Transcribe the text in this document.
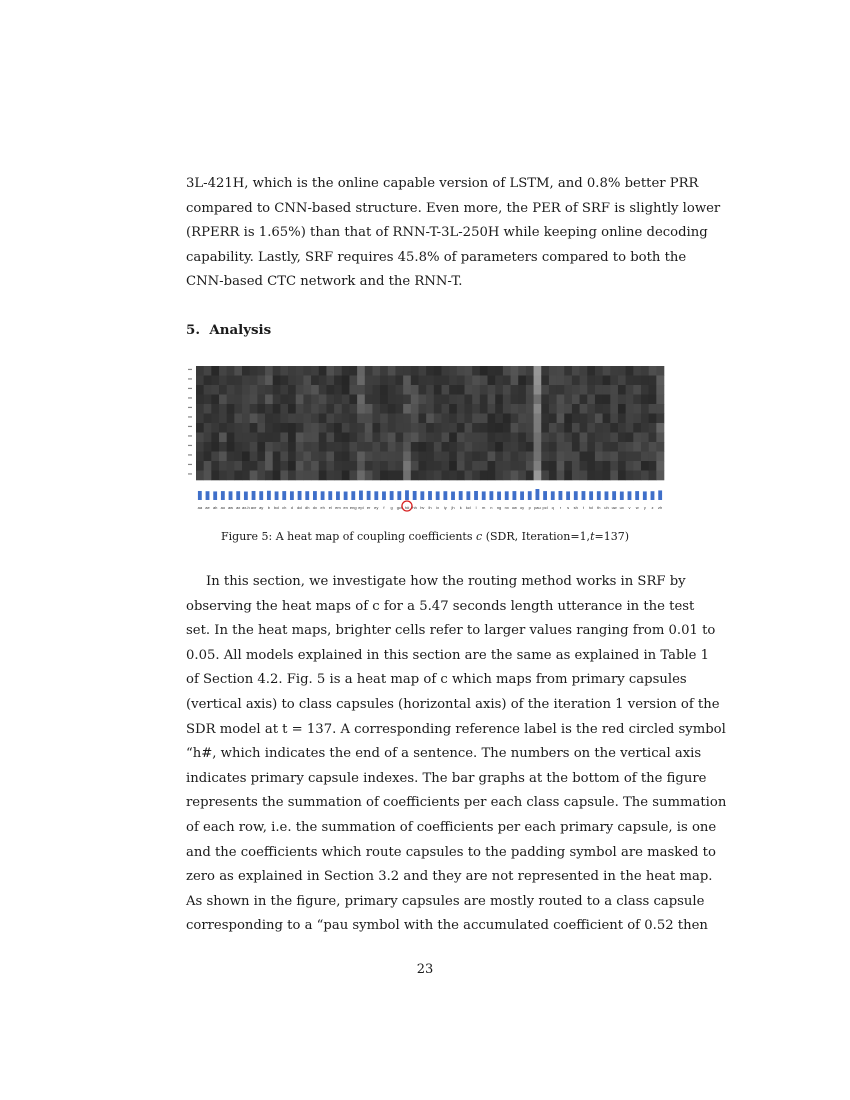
3L-421H, which is the online capable version of LSTM, and 0.8% better PRR
compared to CNN-based structure. Even more, the PER of SRF is slightly lower
(RPERR is 1.65%) than that of RNN-T-3L-250H while keeping online decoding
capability. Lastly, SRF requires 45.8% of parameters compared to both the
CNN-based CTC network and the RNN-T.

5. Analysis
aa ae ah ao aw ax ax-h axr ay b bcl ch d dcl dh dx eh el em en eng epi er ey f g gcl h# hh hv ih ix iy jh k kcl l m n ng nx ow oy p pau pcl q r s sh t tcl th uh uw ux v w y z zh

Figure 5: A heat map of coupling coefficients c (SDR, Iteration=1,t=137)

In this section, we investigate how the routing method works in SRF by
observing the heat maps of c for a 5.47 seconds length utterance in the test
set. In the heat maps, brighter cells refer to larger values ranging from 0.01 to
0.05. All models explained in this section are the same as explained in Table 1
of Section 4.2. Fig. 5 is a heat map of c which maps from primary capsules
(vertical axis) to class capsules (horizontal axis) of the iteration 1 version of the
SDR model at t = 137. A corresponding reference label is the red circled symbol
“h#, which indicates the end of a sentence. The numbers on the vertical axis
indicates primary capsule indexes. The bar graphs at the bottom of the figure
represents the summation of coefficients per each class capsule. The summation
of each row, i.e. the summation of coefficients per each primary capsule, is one
and the coefficients which route capsules to the padding symbol are masked to
zero as explained in Section 3.2 and they are not represented in the heat map.
As shown in the figure, primary capsules are mostly routed to a class capsule
corresponding to a “pau symbol with the accumulated coefficient of 0.52 then

23
